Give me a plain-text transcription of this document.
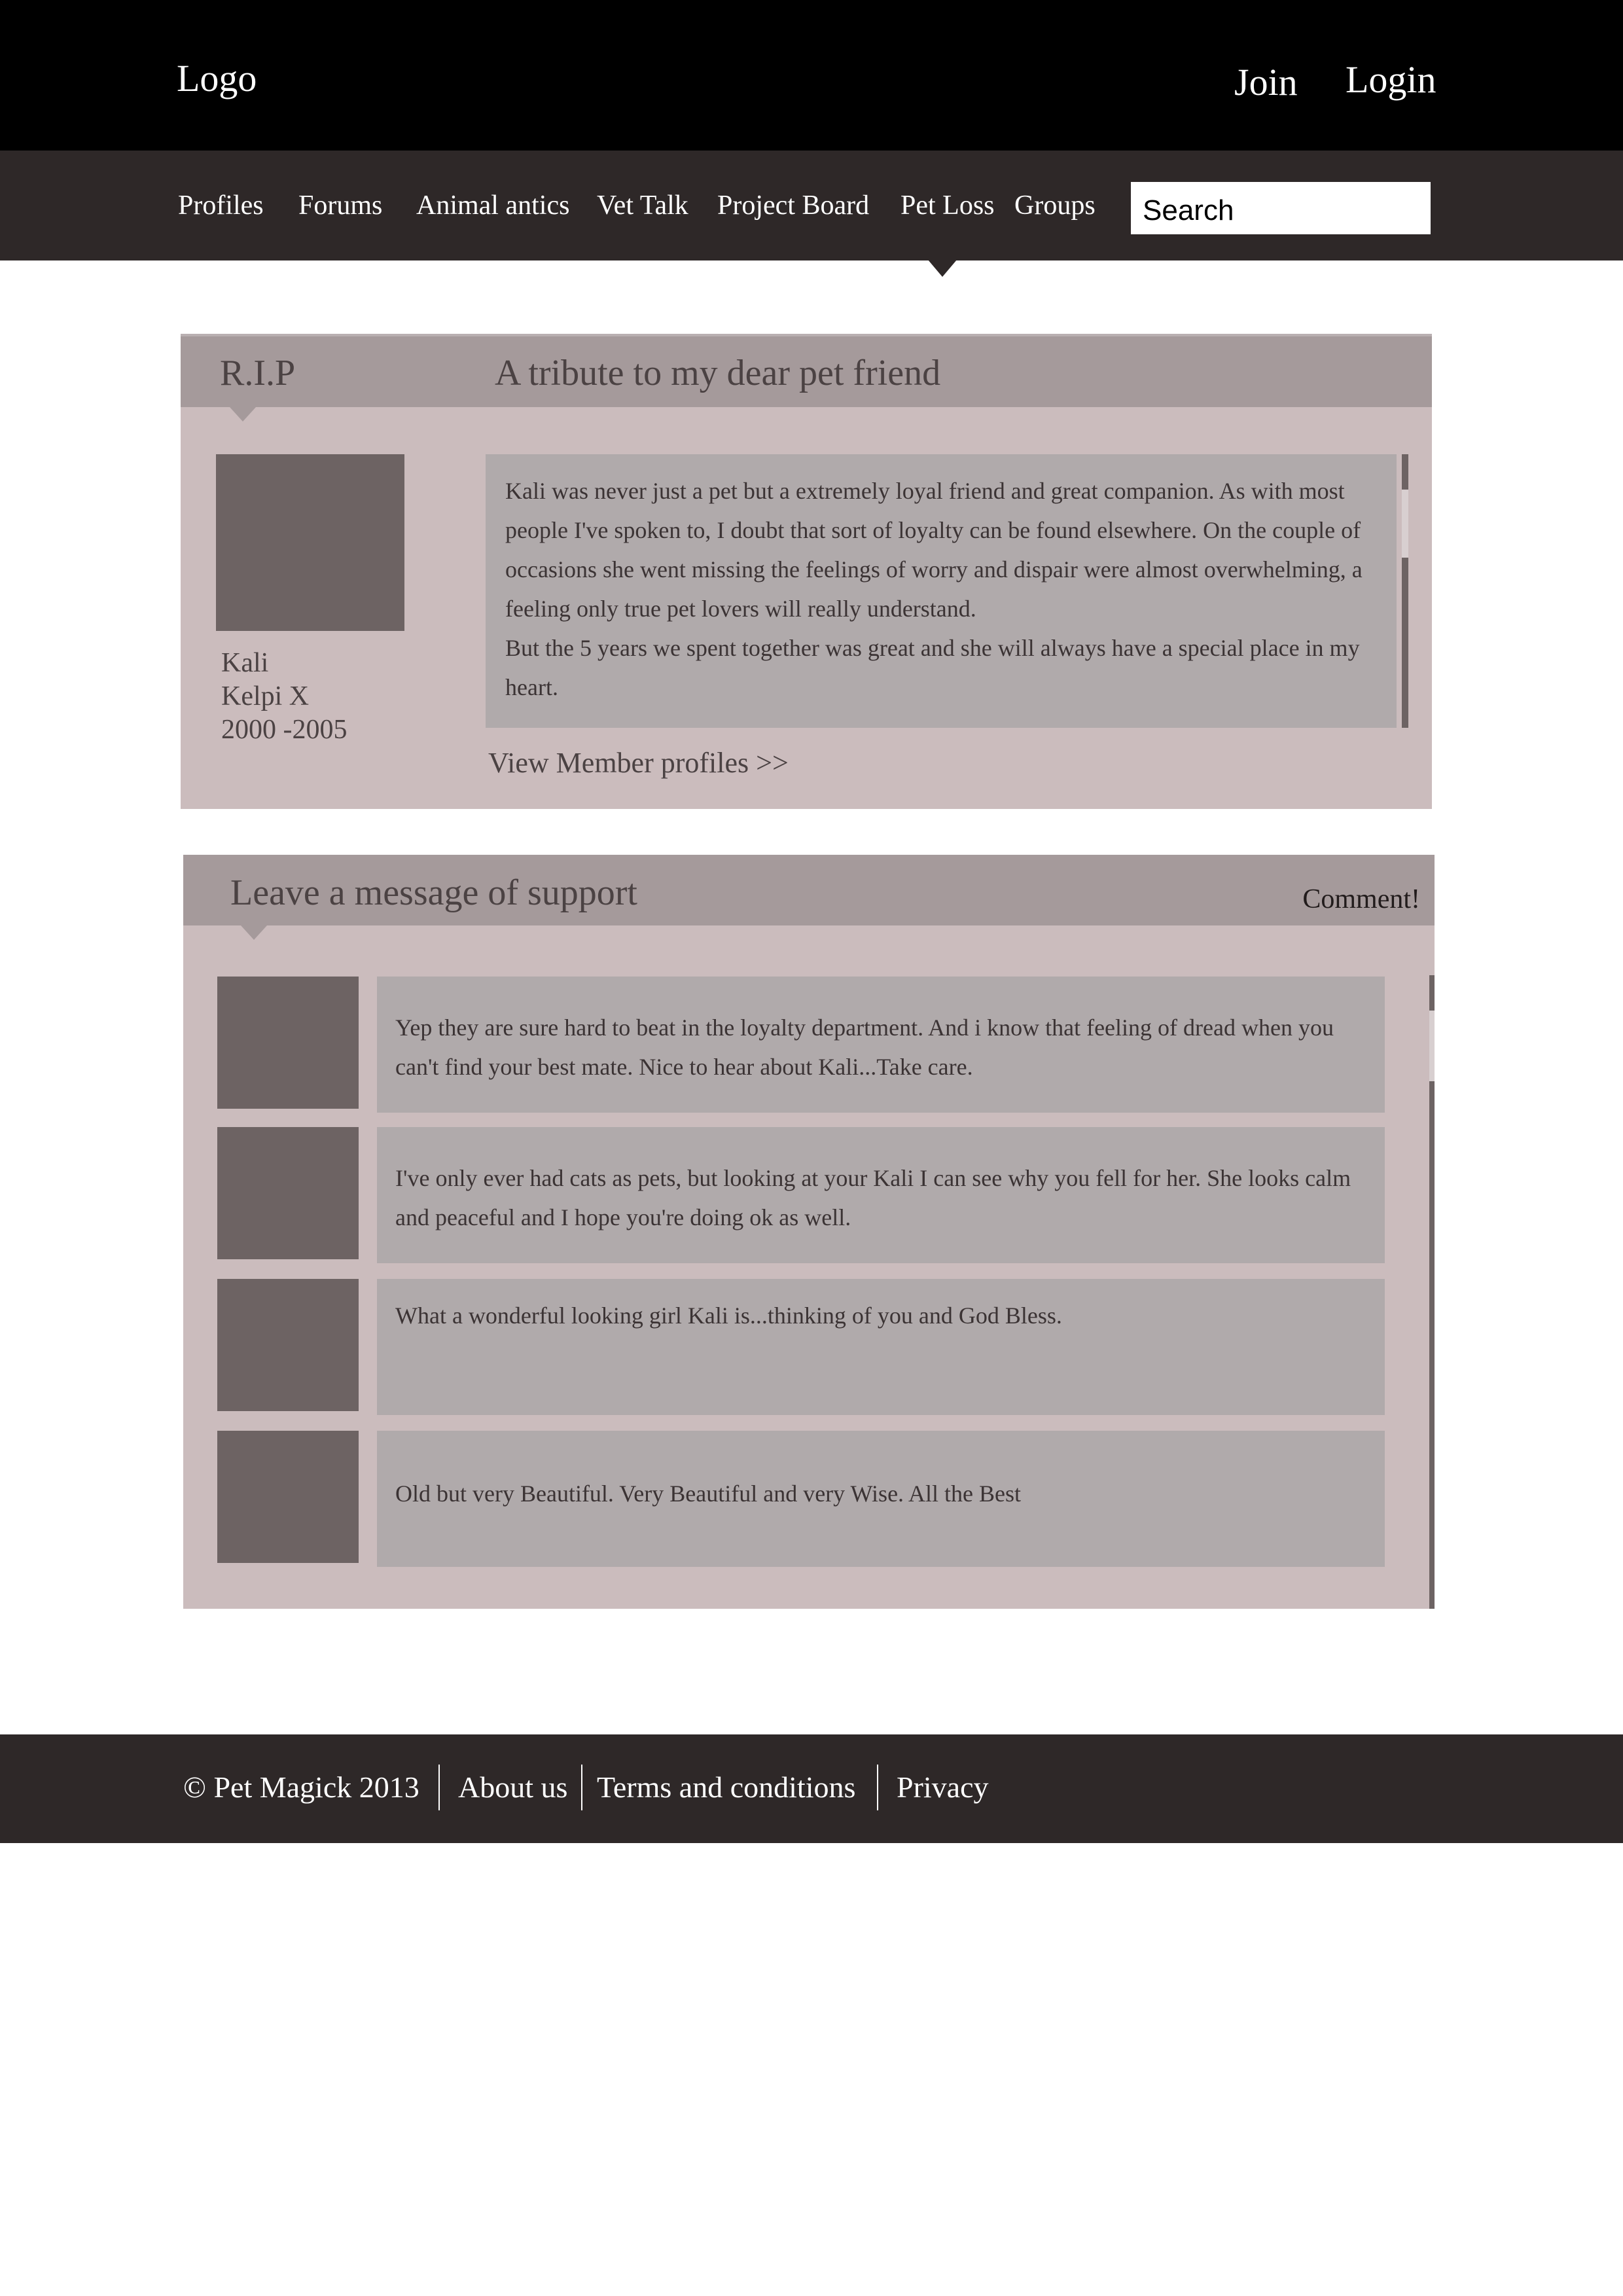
Logo	Join Login
Profiles Forums Animal antics Vet Talk Project Board Pet Loss Groups
Search
R.I.P	A tribute to my dear pet friend
Kali
Kelpi X
2000 -2005

Kali was never just a pet but a extremely loyal friend and great companion. As with most people I've spoken to, I doubt that sort of loyalty can be found elsewhere. On the couple of occasions she went missing the feelings of worry and dispair were almost overwhelming, a feeling only true pet lovers will really understand.

But the 5 years we spent together was great and she will always have a special place in my heart.

View Member profiles >>
Leave a message of support	Comment!
Yep they are sure hard to beat in the loyalty department. And i know that feeling of dread when you can't find your best mate. Nice to hear about Kali...Take care.
I've only ever had cats as pets, but looking at your Kali I can see why you fell for her. She looks calm and peaceful and I hope you're doing ok as well.
What a wonderful looking girl Kali is...thinking of you and God Bless.
Old but very Beautiful. Very Beautiful and very Wise. All the Best
© Pet Magick 2013 About us Terms and conditions Privacy
